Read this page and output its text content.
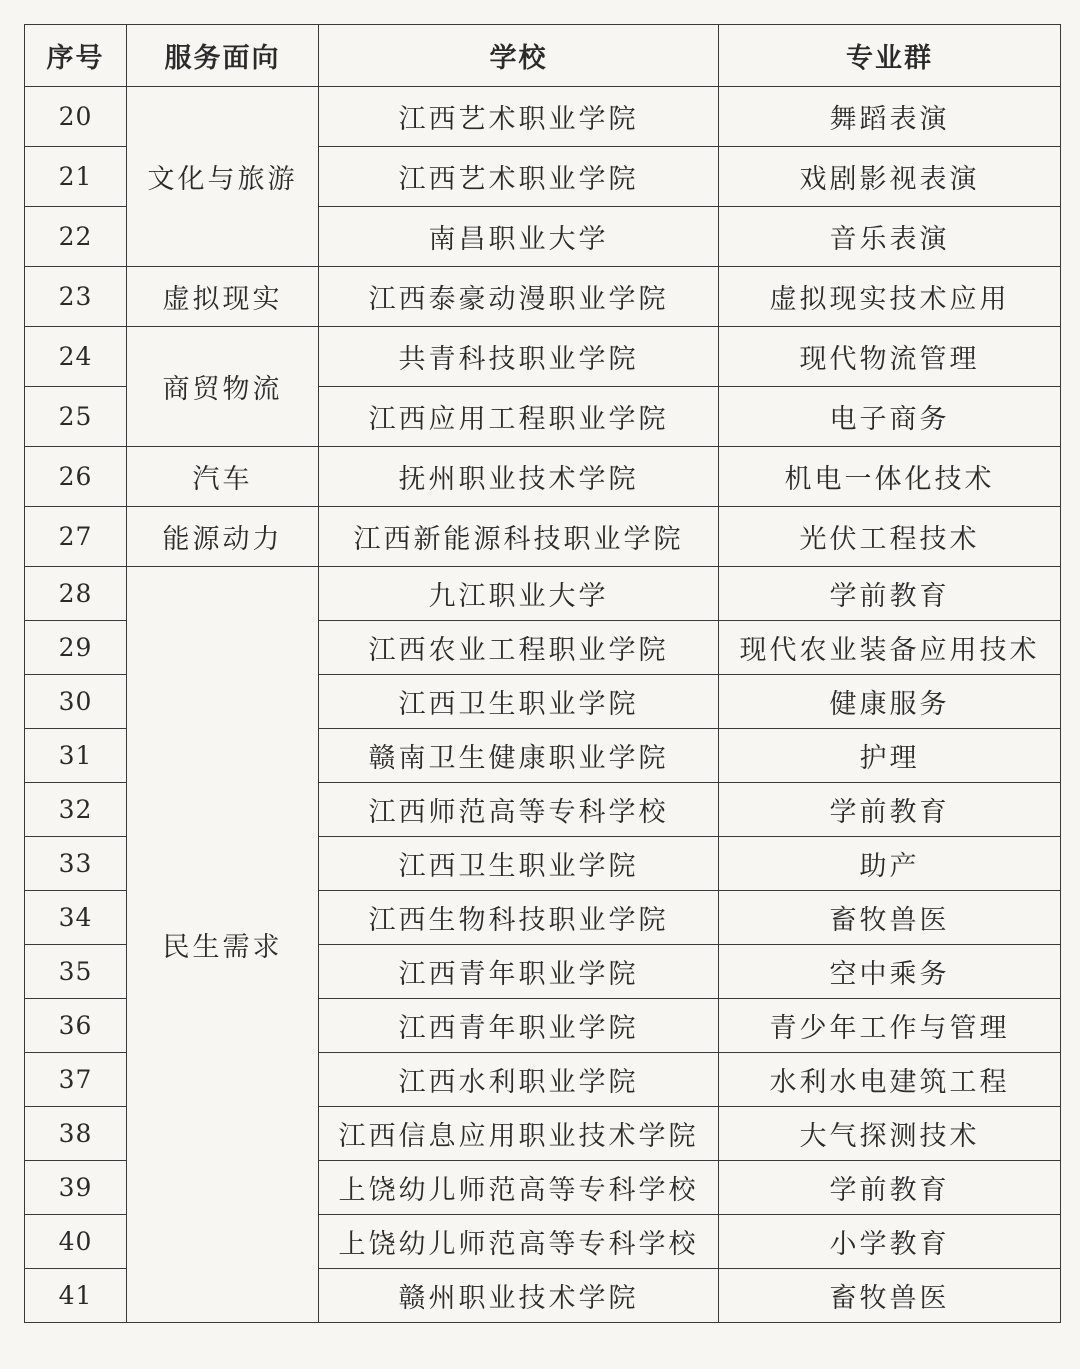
序号	服务面向	学校	专业群
20	文化与旅游	江西艺术职业学院	舞蹈表演
21		江西艺术职业学院	戏剧影视表演
22		南昌职业大学	音乐表演
23	虚拟现实	江西泰豪动漫职业学院	虚拟现实技术应用
24	商贸物流	共青科技职业学院	现代物流管理
25		江西应用工程职业学院	电子商务
26	汽车	抚州职业技术学院	机电一体化技术
27	能源动力	江西新能源科技职业学院	光伏工程技术
28	民生需求	九江职业大学	学前教育
29		江西农业工程职业学院	现代农业装备应用技术
30		江西卫生职业学院	健康服务
31		赣南卫生健康职业学院	护理
32		江西师范高等专科学校	学前教育
33		江西卫生职业学院	助产
34		江西生物科技职业学院	畜牧兽医
35		江西青年职业学院	空中乘务
36		江西青年职业学院	青少年工作与管理
37		江西水利职业学院	水利水电建筑工程
38		江西信息应用职业技术学院	大气探测技术
39		上饶幼儿师范高等专科学校	学前教育
40		上饶幼儿师范高等专科学校	小学教育
41		赣州职业技术学院	畜牧兽医
